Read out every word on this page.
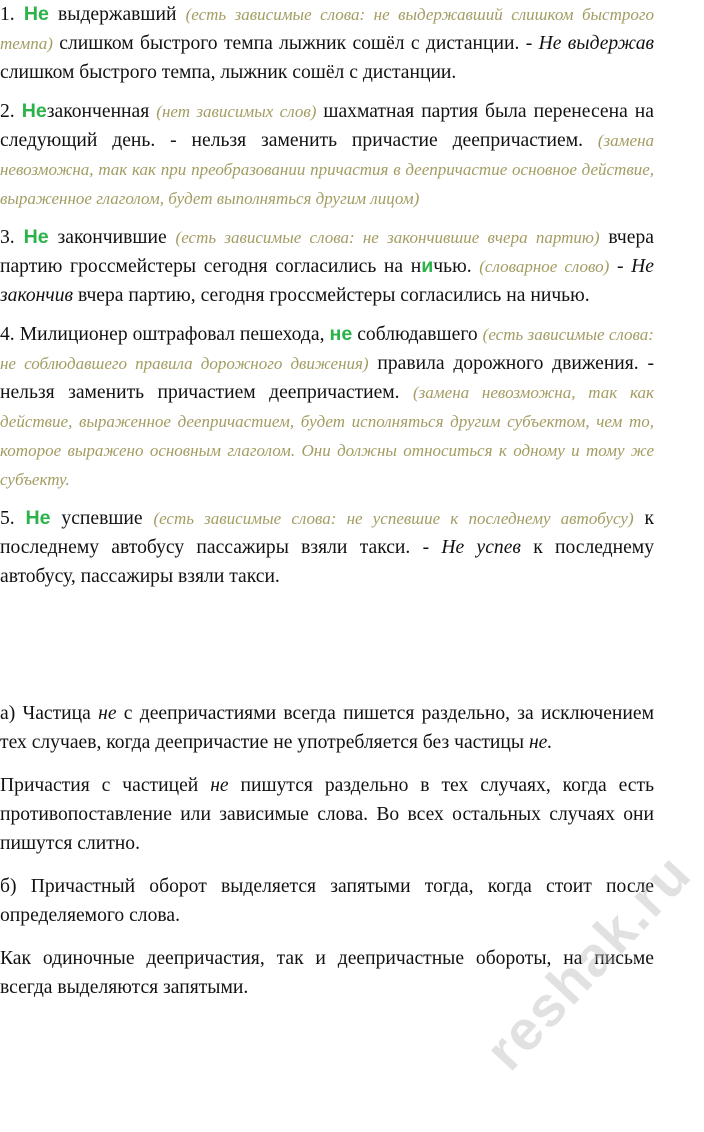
1. Не выдержавший (есть зависимые слова: не выдержавший слишком быстрого темпа) слишком быстрого темпа лыжник сошёл с дистанции. - Не выдержав слишком быстрого темпа, лыжник сошёл с дистанции.

2. Незаконченная (нет зависимых слов) шахматная партия была перенесена на следующий день. - нельзя заменить причастие деепричастием. (замена невозможна, так как при преобразовании причастия в деепричастие основное действие, выраженное глаголом, будет выполняться другим лицом)

3. Не закончившие (есть зависимые слова: не закончившие вчера партию) вчера партию гроссмейстеры сегодня согласились на ничью. (словарное слово) - Не закончив вчера партию, сегодня гроссмейстеры согласились на ничью.

4. Милиционер оштрафовал пешехода, не соблюдавшего (есть зависимые слова: не соблюдавшего правила дорожного движения) правила дорожного движения. - нельзя заменить причастием деепричастием. (замена невозможна, так как действие, выраженное деепричастием, будет исполняться другим субъектом, чем то, которое выражено основным глаголом. Они должны относиться к одному и тому же субъекту.

5. Не успевшие (есть зависимые слова: не успевшие к последнему автобусу) к последнему автобусу пассажиры взяли такси. - Не успев к последнему автобусу, пассажиры взяли такси.

а) Частица не с деепричастиями всегда пишется раздельно, за исключением тех случаев, когда деепричастие не употребляется без частицы не.

Причастия с частицей не пишутся раздельно в тех случаях, когда есть противопоставление или зависимые слова. Во всех остальных случаях они пишутся слитно.

б) Причастный оборот выделяется запятыми тогда, когда стоит после определяемого слова.

Как одиночные деепричастия, так и деепричастные обороты, на письме всегда выделяются запятыми.	reshak.ru
